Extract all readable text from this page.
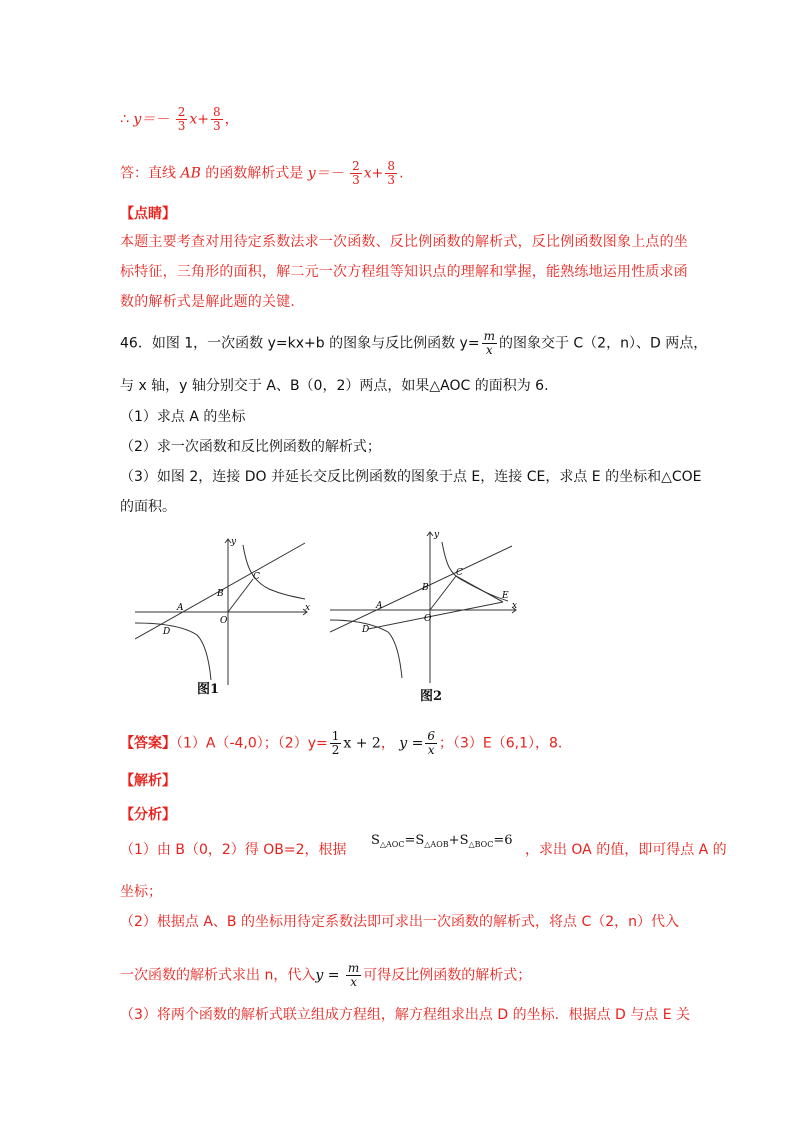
∴ $y=- \frac{2}{3} x+ \frac{8}{3}$ ，
答：直线 AB 的函数解析式是 $y=- \frac{2}{3} x+ \frac{8}{3}$ .
【点睛】
本题主要考查对用待定系数法求一次函数、反比例函数的解析式，反比例函数图象上点的坐标特征，三角形的面积，解二元一次方程组等知识点的理解和掌握，能熟练地运用性质求函数的解析式是解此题的关键.
46．如图 1，一次函数 y=kx+b 的图象与反比例函数 $y= \frac{m}{x}$ 的图象交于 C（2，n）、D 两点，
与 x 轴，y 轴分别交于 A、B（0，2）两点，如果△AOC 的面积为 6.
（1）求点 A 的坐标
（2）求一次函数和反比例函数的解析式；
（3）如图 2，连接 DO 并延长交反比例函数的图象于点 E，连接 CE，求点 E 的坐标和△COE
的面积。
y
x
A
B
C
D
O
图1
y
x
A
B
C
D
O
E
图2
【答案】（1）A（-4,0）；$(2)y= \frac{1}{2}$ x + 2， $y = \frac{6}{x}$ ；（3）E（6,1），8.
【解析】
【分析】
（1）由 B（0，2）得 OB=2，根据 $S_{\triangle AOC}=S_{\triangle AOB}+S_{\triangle BOC}=6$ ，求出 OA 的值，即可得点 A 的
坐标；
（2）根据点 A、B 的坐标用待定系数法即可求出一次函数的解析式，将点 C（2，n）代入
一次函数的解析式求出 n，代入$y = \frac{m}{x}$ 可得反比例函数的解析式；
（3）将两个函数的解析式联立组成方程组，解方程组求出点 D 的坐标．根据点 D 与点 E 关
